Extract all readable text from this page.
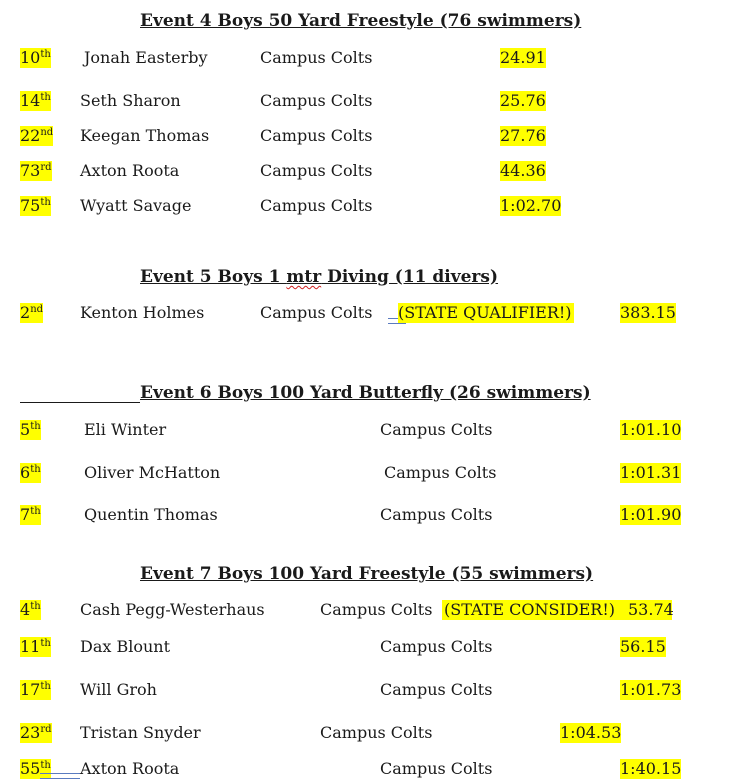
Event 4 Boys 50 Yard Freestyle (76 swimmers)
10th Jonah Easterby	Campus Colts	24.91
14th Seth Sharon	Campus Colts	25.76
22nd Keegan Thomas	Campus Colts	27.76
73rd Axton Roota	Campus Colts	44.36
75th Wyatt Savage	Campus Colts	1:02.70
Event 5 Boys 1 mtr Diving (11 divers)
2nd Kenton Holmes	Campus Colts (STATE QUALIFIER!)	383.15
Event 6 Boys 100 Yard Butterfly (26 swimmers)
5th	Eli Winter	Campus Colts	1:01.10
6th	Oliver McHatton	Campus Colts	1:01.31
7th	Quentin Thomas	Campus Colts	1:01.90
Event 7 Boys 100 Yard Freestyle (55 swimmers)
4th Cash Pegg-Westerhaus	Campus Colts (STATE CONSIDER!) 53.74
11th Dax Blount	Campus Colts	56.15
17th Will Groh	Campus Colts	1:01.73
23rd Tristan Snyder	Campus Colts	1:04.53
55th Axton Roota	Campus Colts	1:40.15
